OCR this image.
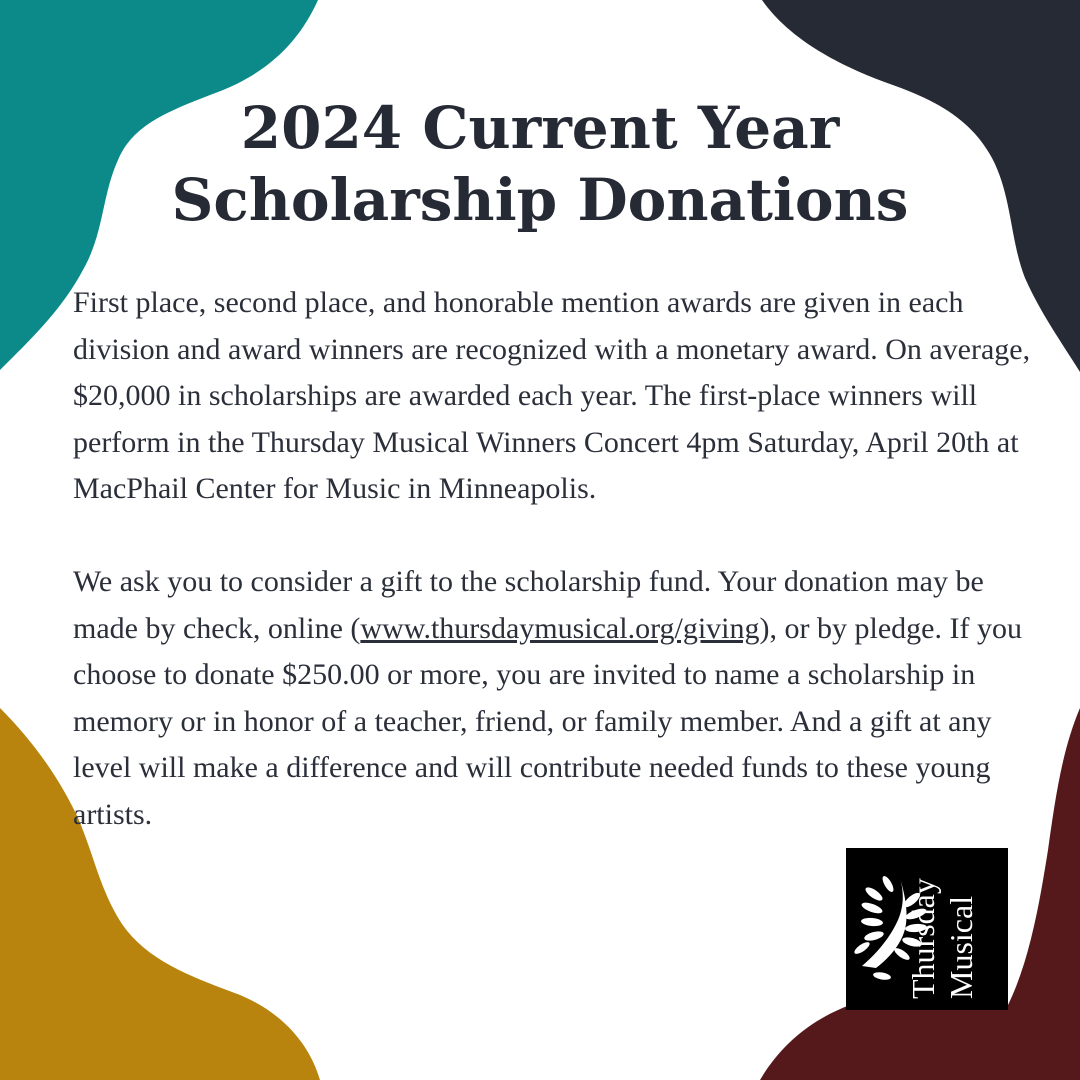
2024 Current Year
Scholarship Donations

First place, second place, and honorable mention awards are given in each division and award winners are recognized with a monetary award. On average, $20,000 in scholarships are awarded each year. The first-place winners will perform in the Thursday Musical Winners Concert 4pm Saturday, April 20th at MacPhail Center for Music in Minneapolis.

We ask you to consider a gift to the scholarship fund. Your donation may be made by check, online (www.thursdaymusical.org/giving), or by pledge. If you choose to donate $250.00 or more, you are invited to name a scholarship in memory or in honor of a teacher, friend, or family member. And a gift at any level will make a difference and will contribute needed funds to these young artists.

Thursday Musical
